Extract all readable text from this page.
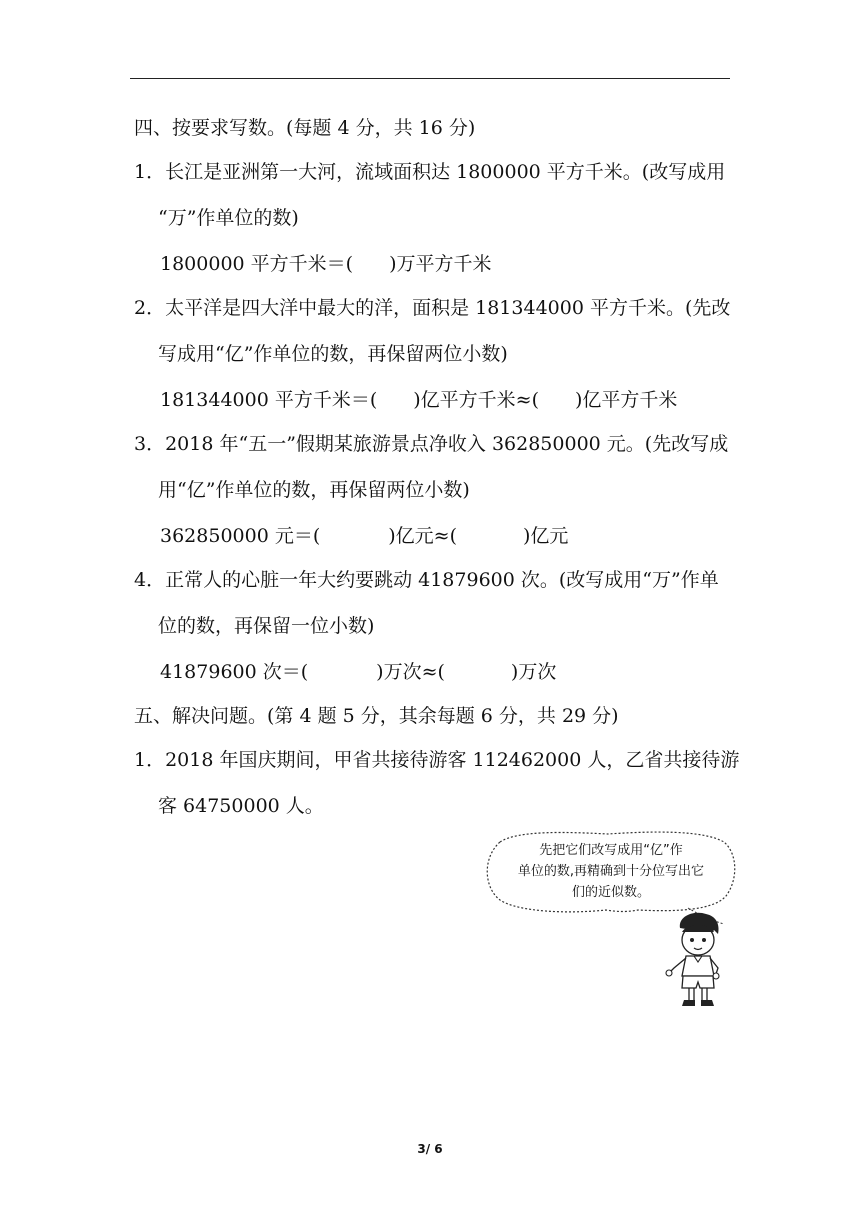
四、按要求写数。(每题 4 分，共 16 分)
1．长江是亚洲第一大河，流域面积达 1800000 平方千米。(改写成用
“万”作单位的数)
1800000 平方千米＝( )万平方千米
2．太平洋是四大洋中最大的洋，面积是 181344000 平方千米。(先改
写成用“亿”作单位的数，再保留两位小数)
181344000 平方千米＝( )亿平方千米≈( )亿平方千米
3．2018 年“五一”假期某旅游景点净收入 362850000 元。(先改写成
用“亿”作单位的数，再保留两位小数)
362850000 元＝(	)亿元≈(	)亿元
4．正常人的心脏一年大约要跳动 41879600 次。(改写成用“万”作单
位的数，再保留一位小数)
41879600 次＝(	)万次≈(	)万次
五、解决问题。(第 4 题 5 分，其余每题 6 分，共 29 分)
1．2018 年国庆期间，甲省共接待游客 112462000 人，乙省共接待游
客 64750000 人。
先把它们改写成用“亿”作
单位的数,再精确到十分位写出它
们的近似数。
3/ 6
